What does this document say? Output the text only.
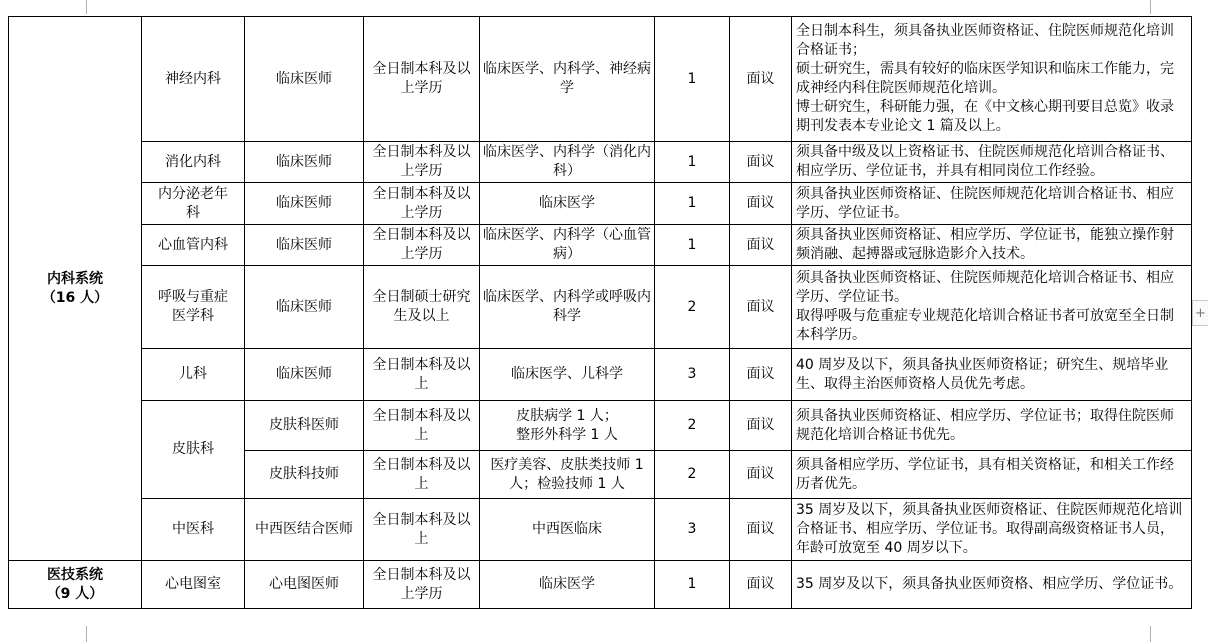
内科系统
（16 人）	神经内科	临床医师	全日制本科及以上学历	临床医学、内科学、神经病学	1	面议	全日制本科生，须具备执业医师资格证、住院医师规范化培训合格证书；
硕士研究生，需具有较好的临床医学知识和临床工作能力，完成神经内科住院医师规范化培训。
博士研究生，科研能力强，在《中文核心期刊要目总览》收录期刊发表本专业论文 1 篇及以上。
	消化内科	临床医师	全日制本科及以上学历	临床医学、内科学（消化内科）	1	面议	须具备中级及以上资格证书、住院医师规范化培训合格证书、相应学历、学位证书，并具有相同岗位工作经验。
	内分泌老年科	临床医师	全日制本科及以上学历	临床医学	1	面议	须具备执业医师资格证、住院医师规范化培训合格证书、相应学历、学位证书。
	心血管内科	临床医师	全日制本科及以上学历	临床医学、内科学（心血管病）	1	面议	须具备执业医师资格证、相应学历、学位证书，能独立操作射频消融、起搏器或冠脉造影介入技术。
	呼吸与重症医学科	临床医师	全日制硕士研究生及以上	临床医学、内科学或呼吸内科学	2	面议	须具备执业医师资格证、住院医师规范化培训合格证书、相应学历、学位证书。
取得呼吸与危重症专业规范化培训合格证书者可放宽至全日制本科学历。
	儿科	临床医师	全日制本科及以上	临床医学、儿科学	3	面议	40 周岁及以下，须具备执业医师资格证；研究生、规培毕业生、取得主治医师资格人员优先考虑。
	皮肤科	皮肤科医师	全日制本科及以上	皮肤病学 1 人；
整形外科学 1 人	2	面议	须具备执业医师资格证、相应学历、学位证书；取得住院医师规范化培训合格证书优先。
		皮肤科技师	全日制本科及以上	医疗美容、皮肤类技师 1 人；检验技师 1 人	2	面议	须具备相应学历、学位证书，具有相关资格证，和相关工作经历者优先。
	中医科	中西医结合医师	全日制本科及以上	中西医临床	3	面议	35 周岁及以下，须具备执业医师资格证、住院医师规范化培训合格证书、相应学历、学位证书。取得副高级资格证书人员，年龄可放宽至 40 周岁以下。

医技系统
（9 人）	心电图室	心电图医师	全日制本科及以上学历	临床医学	1	面议	35 周岁及以下，须具备执业医师资格、相应学历、学位证书。
+
